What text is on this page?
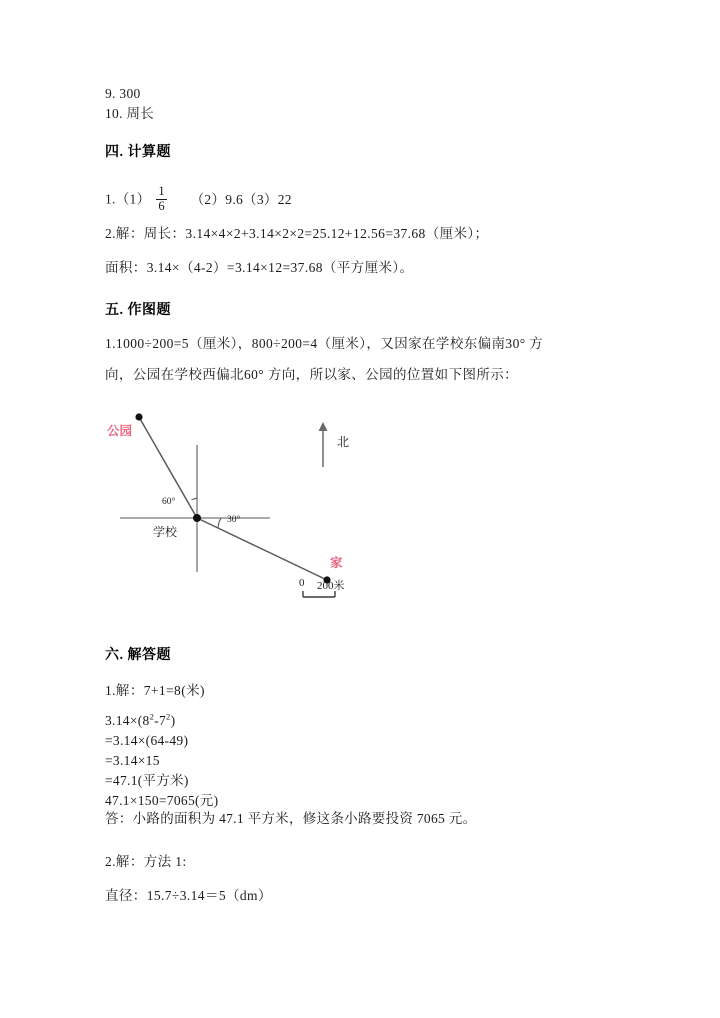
9. 300
10. 周长
四. 计算题
$1.(1) \frac{1}{6} (2)9.6(3)22$
2.解：周长：3.14×4×2+3.14×2×2=25.12+12.56=37.68（厘米）；
面积：3.14×（4-2）=3.14×12=37.68（平方厘米）。
五. 作图题
1.1000÷200=5（厘米），800÷200=4（厘米），又因家在学校东偏南30° 方
向，公园在学校西偏北60° 方向，所以家、公园的位置如下图所示：
公园
家
学校
北
60°
30°
0 200米
六. 解答题
1.解：7+1=8(米)
$3.14\times(8^2-7^2)$
=3.14×(64-49)
=3.14×15
=47.1(平方米)
47.1×150=7065(元)
答：小路的面积为 47.1 平方米，修这条小路要投资 7065 元。
2.解：方法 1:
直径：15.7÷3.14＝5（dm）
